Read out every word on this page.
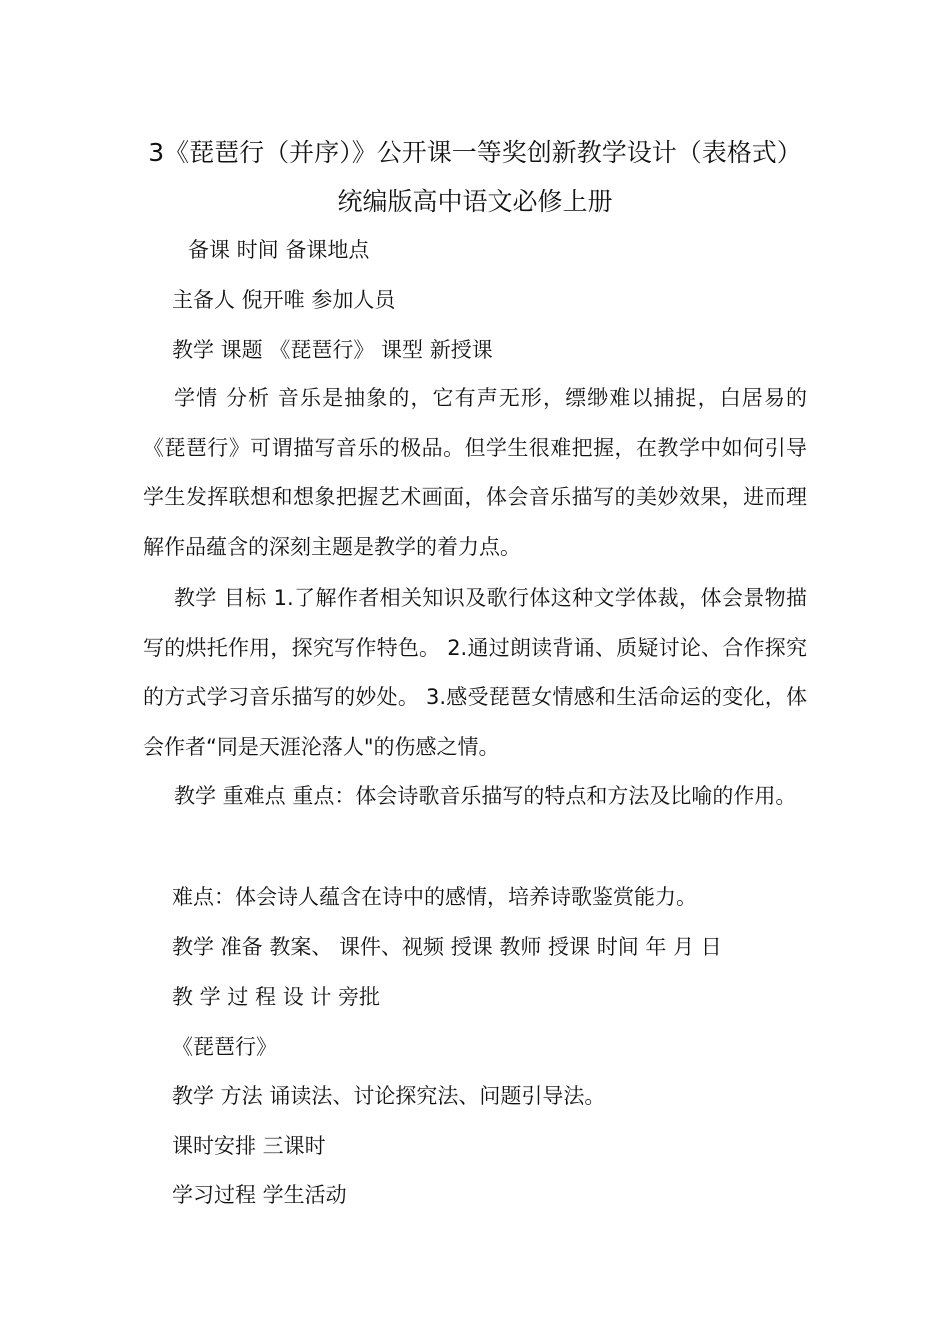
3《琵琶行（并序）》公开课一等奖创新教学设计（表格式） 统编版高中语文必修上册

备课 时间 备课地点

主备人 倪开唯 参加人员

教学 课题 《琵琶行》 课型 新授课

学情 分析 音乐是抽象的，它有声无形，缥缈难以捕捉，白居易的《琵琶行》可谓描写音乐的极品。但学生很难把握，在教学中如何引导学生发挥联想和想象把握艺术画面，体会音乐描写的美妙效果，进而理解作品蕴含的深刻主题是教学的着力点。

教学 目标 1.了解作者相关知识及歌行体这种文学体裁，体会景物描写的烘托作用，探究写作特色。 2.通过朗读背诵、质疑讨论、合作探究的方式学习音乐描写的妙处。 3.感受琵琶女情感和生活命运的变化，体会作者“同是天涯沦落人"的伤感之情。

教学 重难点 重点：体会诗歌音乐描写的特点和方法及比喻的作用。

难点：体会诗人蕴含在诗中的感情，培养诗歌鉴赏能力。

教学 准备 教案、 课件、视频 授课 教师 授课 时间 年 月 日

教 学 过 程 设 计 旁批

《琵琶行》

教学 方法 诵读法、讨论探究法、问题引导法。

课时安排 三课时

学习过程 学生活动
